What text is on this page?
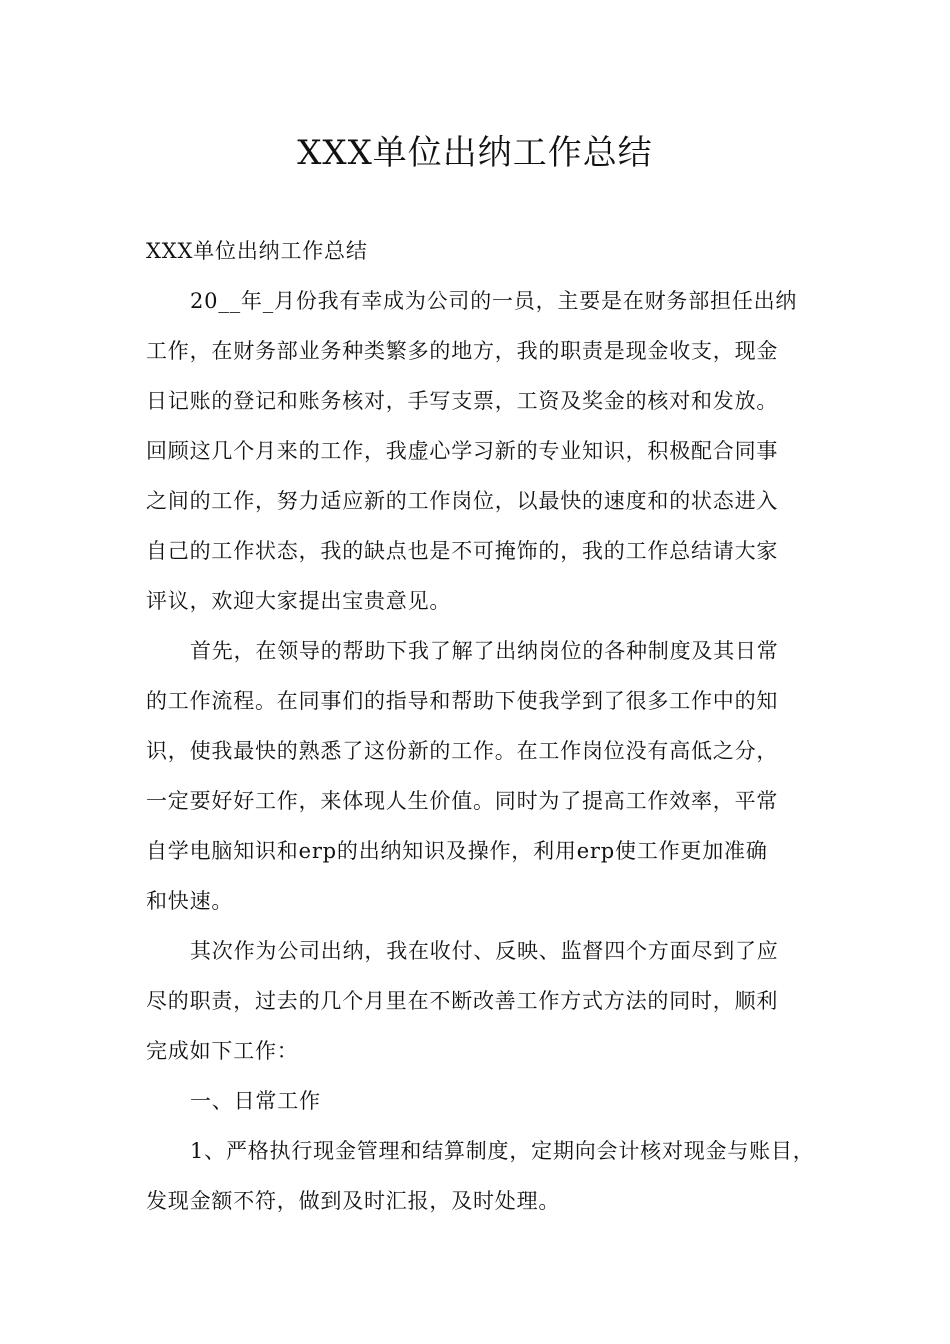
XXX单位出纳工作总结
XXX单位出纳工作总结
20__年_月份我有幸成为公司的一员，主要是在财务部担任出纳
工作，在财务部业务种类繁多的地方，我的职责是现金收支，现金
日记账的登记和账务核对，手写支票，工资及奖金的核对和发放。
回顾这几个月来的工作，我虚心学习新的专业知识，积极配合同事
之间的工作，努力适应新的工作岗位，以最快的速度和的状态进入
自己的工作状态，我的缺点也是不可掩饰的，我的工作总结请大家
评议，欢迎大家提出宝贵意见。
首先，在领导的帮助下我了解了出纳岗位的各种制度及其日常
的工作流程。在同事们的指导和帮助下使我学到了很多工作中的知
识，使我最快的熟悉了这份新的工作。在工作岗位没有高低之分，
一定要好好工作，来体现人生价值。同时为了提高工作效率，平常
自学电脑知识和erp的出纳知识及操作，利用erp使工作更加准确
和快速。
其次作为公司出纳，我在收付、反映、监督四个方面尽到了应
尽的职责，过去的几个月里在不断改善工作方式方法的同时，顺利
完成如下工作：
一、日常工作
1、严格执行现金管理和结算制度，定期向会计核对现金与账目，
发现金额不符，做到及时汇报，及时处理。
